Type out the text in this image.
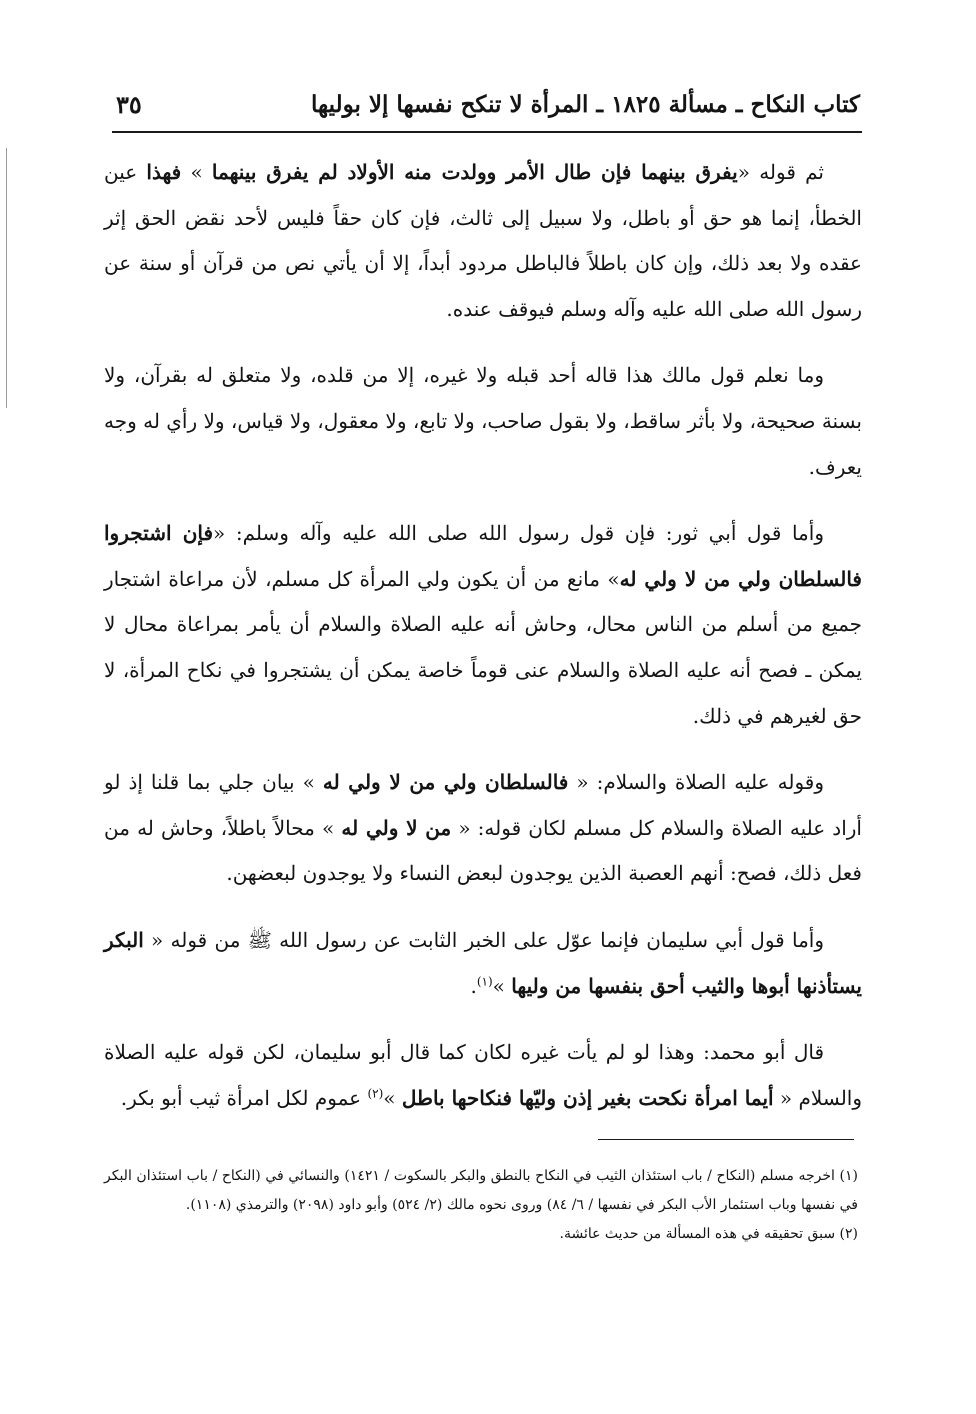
كتاب النكاح ـ مسألة ١٨٢٥ ـ المرأة لا تنكح نفسها إلا بوليها
٣٥

ثم قوله «يفرق بينهما فإن طال الأمر وولدت منه الأولاد لم يفرق بينهما » فهذا عين الخطأ، إنما هو حق أو باطل، ولا سبيل إلى ثالث، فإن كان حقاً فليس لأحد نقض الحق إثر عقده ولا بعد ذلك، وإن كان باطلاً فالباطل مردود أبداً، إلا أن يأتي نص من قرآن أو سنة عن رسول الله صلى الله عليه وآله وسلم فيوقف عنده.

وما نعلم قول مالك هذا قاله أحد قبله ولا غيره، إلا من قلده، ولا متعلق له بقرآن، ولا بسنة صحيحة، ولا بأثر ساقط، ولا بقول صاحب، ولا تابع، ولا معقول، ولا قياس، ولا رأي له وجه يعرف.

وأما قول أبي ثور: فإن قول رسول الله صلى الله عليه وآله وسلم: «فإن اشتجروا فالسلطان ولي من لا ولي له» مانع من أن يكون ولي المرأة كل مسلم، لأن مراعاة اشتجار جميع من أسلم من الناس محال، وحاش أنه عليه الصلاة والسلام أن يأمر بمراعاة محال لا يمكن ـ فصح أنه عليه الصلاة والسلام عنى قوماً خاصة يمكن أن يشتجروا في نكاح المرأة، لا حق لغيرهم في ذلك.

وقوله عليه الصلاة والسلام: « فالسلطان ولي من لا ولي له » بيان جلي بما قلنا إذ لو أراد عليه الصلاة والسلام كل مسلم لكان قوله: « من لا ولي له » محالاً باطلاً، وحاش له من فعل ذلك، فصح: أنهم العصبة الذين يوجدون لبعض النساء ولا يوجدون لبعضهن.

وأما قول أبي سليمان فإنما عوّل على الخبر الثابت عن رسول الله ﷺ من قوله « البكر يستأذنها أبوها والثيب أحق بنفسها من وليها »$^{(١)}$.

قال أبو محمد: وهذا لو لم يأت غيره لكان كما قال أبو سليمان، لكن قوله عليه الصلاة والسلام « أيما امرأة نكحت بغير إذن وليّها فنكاحها باطل »$^{(٢)}$ عموم لكل امرأة ثيب أبو بكر.

(١) اخرجه مسلم (النكاح / باب استئذان الثيب في النكاح بالنطق والبكر بالسكوت / ١٤٢١) والنسائي في (النكاح / باب استئذان البكر في نفسها وباب استئمار الأب البكر في نفسها / ٦/ ٨٤) وروى نحوه مالك (٢/ ٥٢٤) وأبو داود (٢٠٩٨) والترمذي (١١٠٨).

(٢) سبق تحقيقه في هذه المسألة من حديث عائشة.
